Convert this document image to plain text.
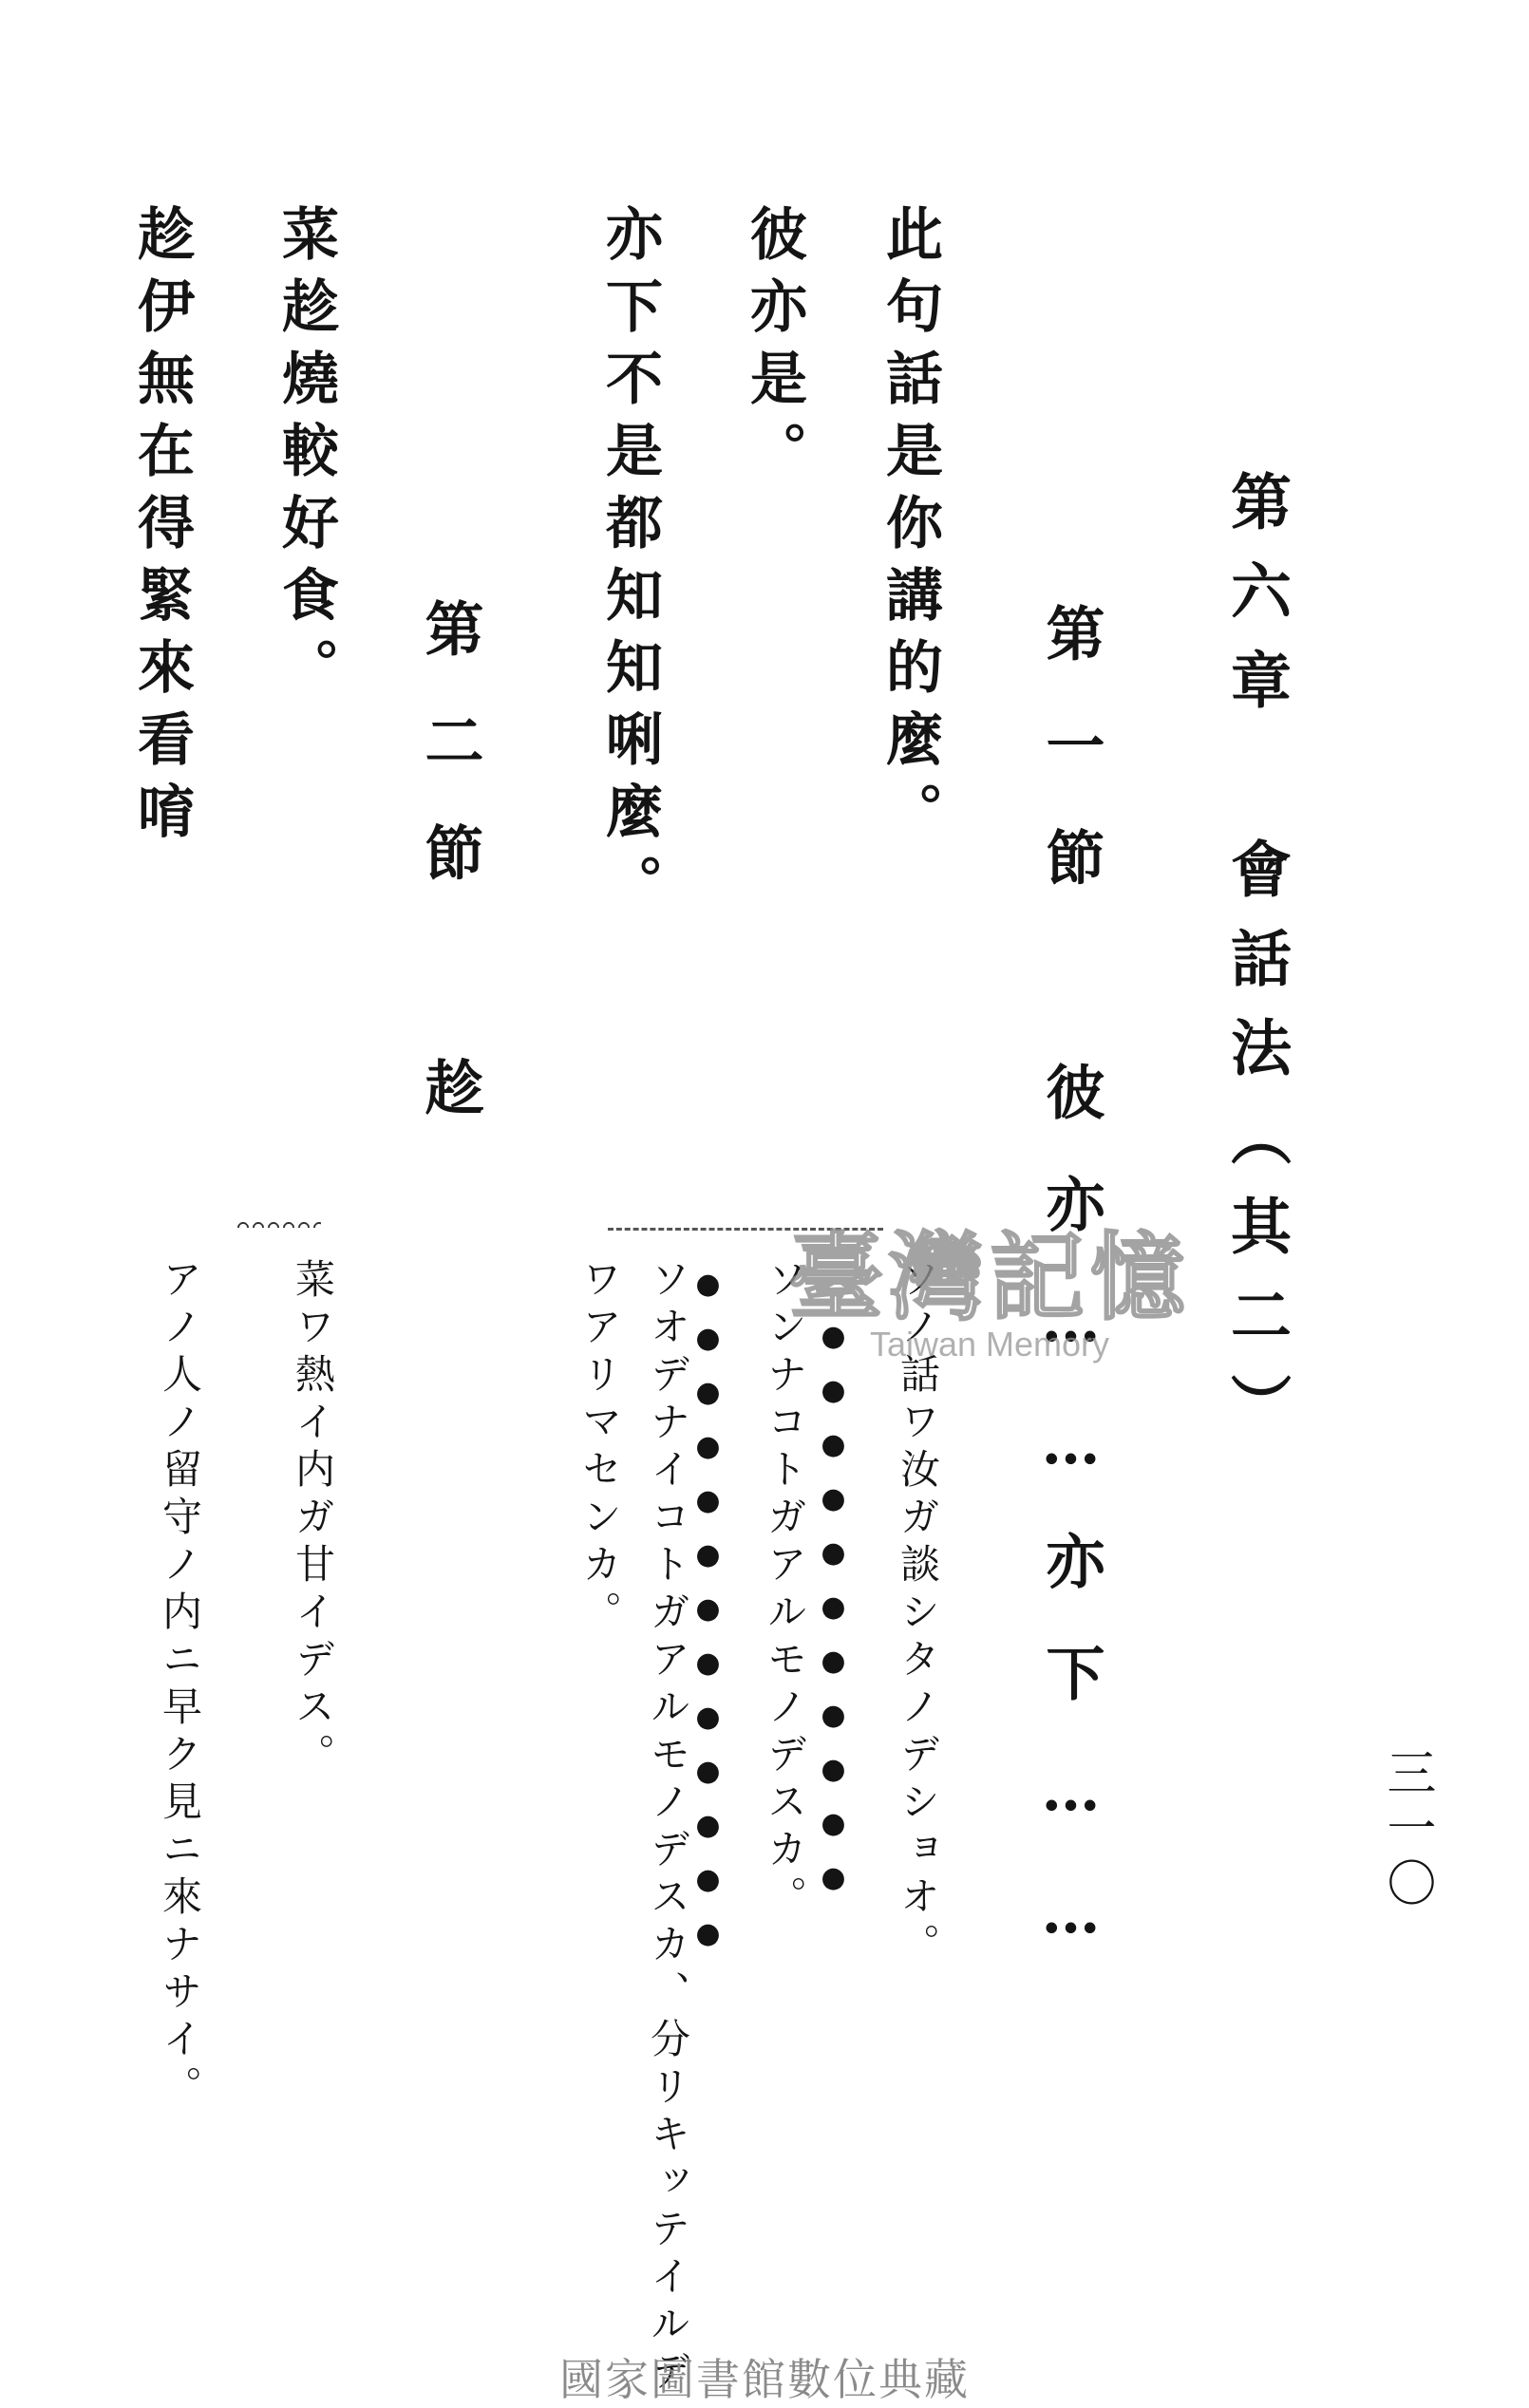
第六章 會話法（其二）
第一節 彼亦……亦下……
此句話是你講的麼。
彼亦是。
亦下不是都知知唎麼。
第二節 趁
菜趁燒較好食。
趁伊無在得緊來看唷
ソノ話ワ汝ガ談シタノデショオ。
ソンナコトガアルモノデスカ。
ソオデナイコトガアルモノデスカ、分リキッテイルデ
ワアリマセンカ。	●●●●●●●●●●●
●●●●●●●●●●●●●
菜ワ熱イ内ガ甘イデス。
アノ人ノ留守ノ内ニ早ク見ニ來ナサイ。	三一〇
臺灣記憶
Taiwan Memory
國家圖書館數位典藏
